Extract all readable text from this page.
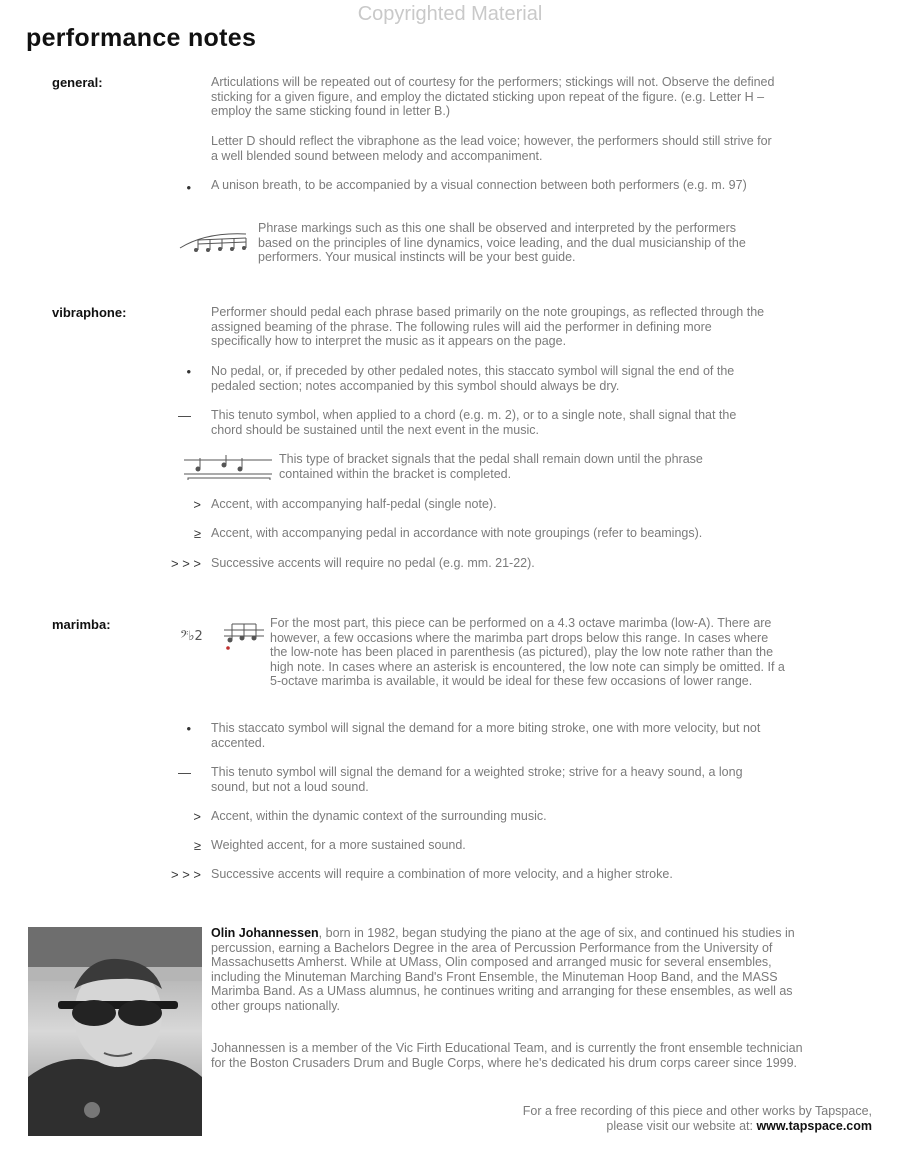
Copyrighted Material
performance notes
general:	Articulations will be repeated out of courtesy for the performers; stickings will not. Observe the defined sticking for a given figure, and employ the dictated sticking upon repeat of the figure. (e.g. Letter H – employ the same sticking found in letter B.)
Letter D should reflect the vibraphone as the lead voice; however, the performers should still strive for a well blended sound between melody and accompaniment.
• A unison breath, to be accompanied by a visual connection between both performers (e.g. m. 97)
Phrase markings such as this one shall be observed and interpreted by the performers based on the principles of line dynamics, voice leading, and the dual musicianship of the performers. Your musical instincts will be your best guide.
vibraphone:	Performer should pedal each phrase based primarily on the note groupings, as reflected through the assigned beaming of the phrase. The following rules will aid the performer in defining more specifically how to interpret the music as it appears on the page.
• No pedal, or, if preceded by other pedaled notes, this staccato symbol will signal the end of the pedaled section; notes accompanied by this symbol should always be dry.
— This tenuto symbol, when applied to a chord (e.g. m. 2), or to a single note, shall signal that the chord should be sustained until the next event in the music.
This type of bracket signals that the pedal shall remain down until the phrase contained within the bracket is completed.
> Accent, with accompanying half-pedal (single note).
≥ Accent, with accompanying pedal in accordance with note groupings (refer to beamings).
> > > Successive accents will require no pedal (e.g. mm. 21-22).
marimba:
𝄢♭2
For the most part, this piece can be performed on a 4.3 octave marimba (low-A). There are however, a few occasions where the marimba part drops below this range. In cases where the low-note has been placed in parenthesis (as pictured), play the low note rather than the high note. In cases where an asterisk is encountered, the low note can simply be omitted. If a 5-octave marimba is available, it would be ideal for these few occasions of lower range.
• This staccato symbol will signal the demand for a more biting stroke, one with more velocity, but not accented.
— This tenuto symbol will signal the demand for a weighted stroke; strive for a heavy sound, a long sound, but not a loud sound.
> Accent, within the dynamic context of the surrounding music.
≥ Weighted accent, for a more sustained sound.
> > > Successive accents will require a combination of more velocity, and a higher stroke.
Olin Johannessen, born in 1982, began studying the piano at the age of six, and continued his studies in percussion, earning a Bachelors Degree in the area of Percussion Performance from the University of Massachusetts Amherst. While at UMass, Olin composed and arranged music for several ensembles, including the Minuteman Marching Band's Front Ensemble, the Minuteman Hoop Band, and the MASS Marimba Band. As a UMass alumnus, he continues writing and arranging for these ensembles, as well as other groups nationally.
Johannessen is a member of the Vic Firth Educational Team, and is currently the front ensemble technician for the Boston Crusaders Drum and Bugle Corps, where he's dedicated his drum corps career since 1999.
For a free recording of this piece and other works by Tapspace,
please visit our website at: www.tapspace.com
